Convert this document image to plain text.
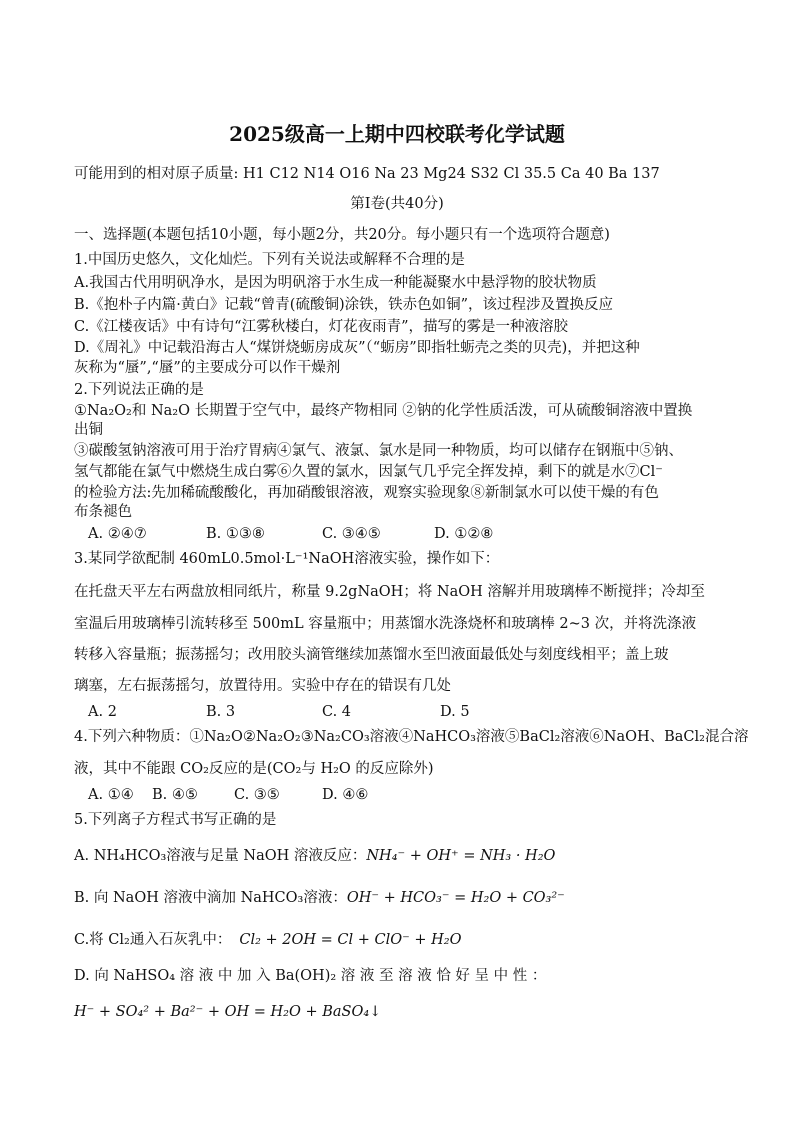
2025级高一上期中四校联考化学试题
可能用到的相对原子质量: H1 C12 N14 O16 Na 23 Mg24 S32 Cl 35.5 Ca 40 Ba 137
第Ⅰ卷(共40分)
一、选择题(本题包括10小题，每小题2分，共20分。每小题只有一个选项符合题意)
1.中国历史悠久，文化灿烂。下列有关说法或解释不合理的是
A.我国古代用明矾净水，是因为明矾溶于水生成一种能凝聚水中悬浮物的胶状物质
B.《抱朴子内篇·黄白》记载“曾青(硫酸铜)涂铁，铁赤色如铜”，该过程涉及置换反应
C.《江楼夜话》中有诗句“江雾秋楼白，灯花夜雨青”，描写的雾是一种液溶胶
D.《周礼》中记载沿海古人“煤饼烧蛎房成灰”（“蛎房”即指牡蛎壳之类的贝壳)，并把这种
灰称为“蜃”,“蜃”的主要成分可以作干燥剂
2.下列说法正确的是
①Na₂O₂和 Na₂O 长期置于空气中，最终产物相同 ②钠的化学性质活泼，可从硫酸铜溶液中置换
出铜
③碳酸氢钠溶液可用于治疗胃病④氯气、液氯、氯水是同一种物质，均可以储存在钢瓶中⑤钠、
氢气都能在氯气中燃烧生成白雾⑥久置的氯水，因氯气几乎完全挥发掉，剩下的就是水⑦Cl⁻
的检验方法:先加稀硫酸酸化，再加硝酸银溶液，观察实验现象⑧新制氯水可以使干燥的有色
布条褪色
A. ②④⑦	B. ①③⑧	C. ③④⑤	D. ①②⑧
3.某同学欲配制 460mL0.5mol·L⁻¹NaOH溶液实验，操作如下：
在托盘天平左右两盘放相同纸片，称量 9.2gNaOH；将 NaOH 溶解并用玻璃棒不断搅拌；冷却至
室温后用玻璃棒引流转移至 500mL 容量瓶中；用蒸馏水洗涤烧杯和玻璃棒 2~3 次，并将洗涤液
转移入容量瓶；振荡摇匀；改用胶头滴管继续加蒸馏水至凹液面最低处与刻度线相平；盖上玻
璃塞，左右振荡摇匀，放置待用。实验中存在的错误有几处
A. 2	B. 3	C. 4	D. 5
4.下列六种物质：①Na₂O②Na₂O₂③Na₂CO₃溶液④NaHCO₃溶液⑤BaCl₂溶液⑥NaOH、BaCl₂混合溶
液，其中不能跟 CO₂反应的是(CO₂与 H₂O 的反应除外)
A. ①④ B. ④⑤ C. ③⑤	D. ④⑥
5.下列离子方程式书写正确的是
A. NH₄HCO₃溶液与足量 NaOH 溶液反应：NH₄⁻ + OH⁺ = NH₃ · H₂O
B. 向 NaOH 溶液中滴加 NaHCO₃溶液：OH⁻ + HCO₃⁻ = H₂O + CO₃²⁻
C.将 Cl₂通入石灰乳中： Cl₂ + 2OH = Cl + ClO⁻ + H₂O
D. 向 NaHSO₄ 溶 液 中 加 入 Ba(OH)₂ 溶 液 至 溶 液 恰 好 呈 中 性 ：
H⁻ + SO₄² + Ba²⁻ + OH = H₂O + BaSO₄↓
